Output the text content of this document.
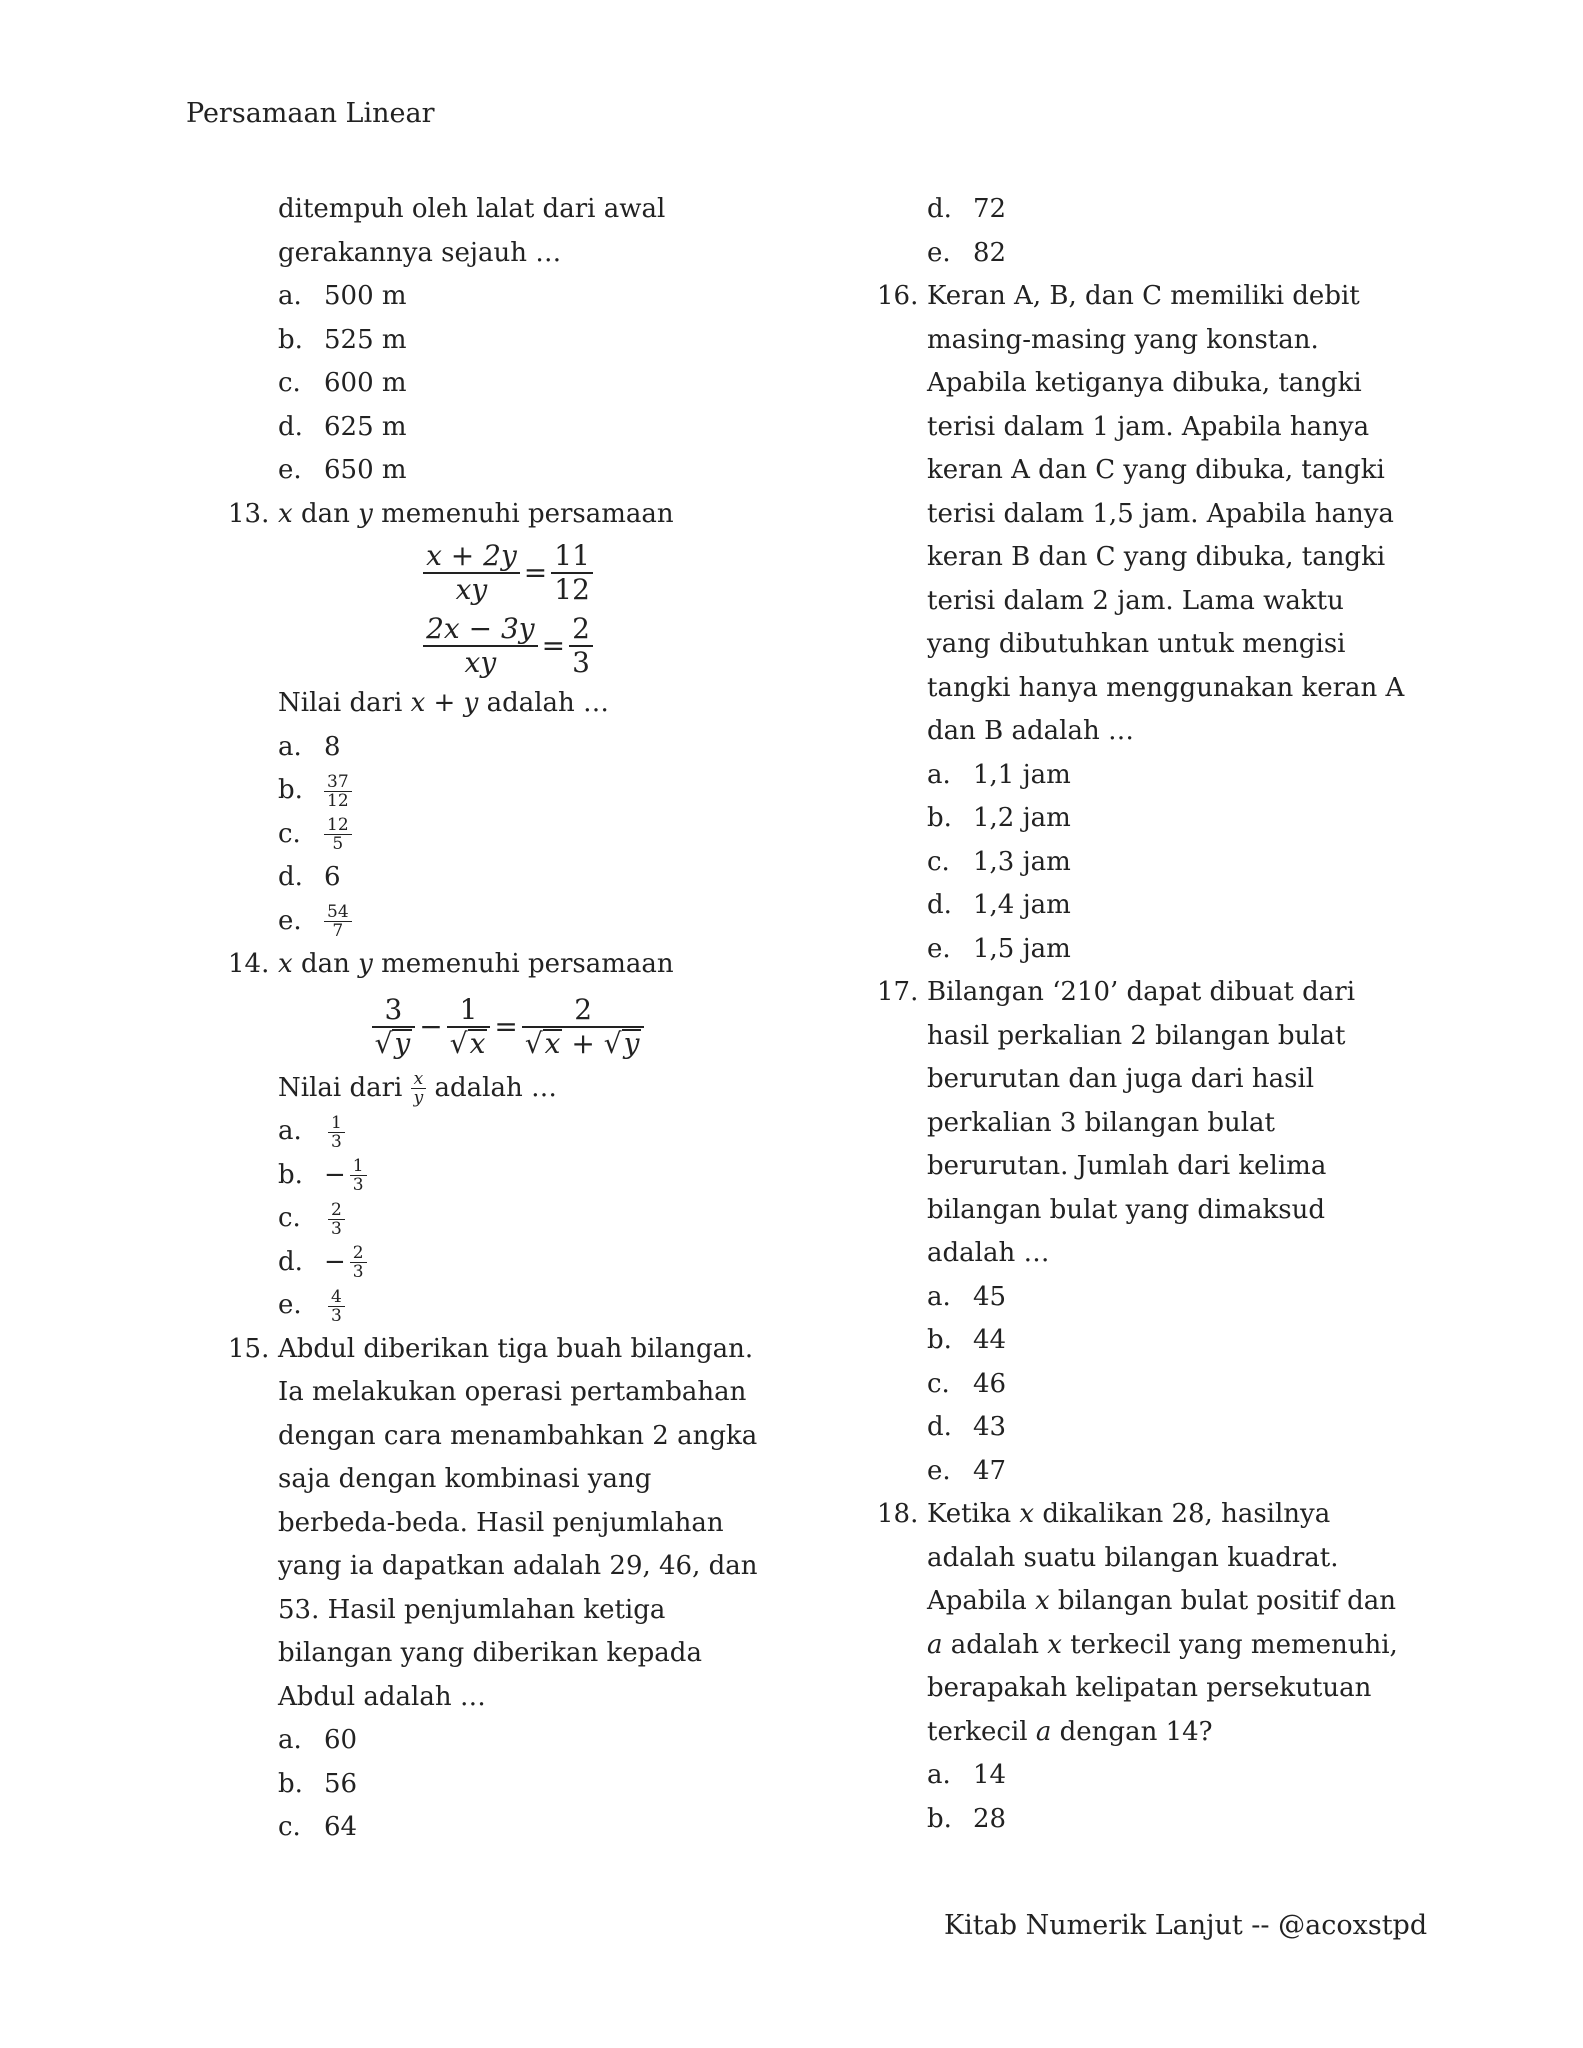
Persamaan Linear
ditempuh oleh lalat dari awal
gerakannya sejauh …
a. 500 m
b. 525 m
c. 600 m
d. 625 m
e. 650 m
13. x dan y memenuhi persamaan
$\frac{x + 2y}{xy} = \frac{11}{12}$
$\frac{2x - 3y}{xy} = \frac{2}{3}$
Nilai dari x + y adalah …
a. 8
b. $\frac{37}{12}$
c. $\frac{12}{5}$
d. 6
e. $\frac{54}{7}$
14. x dan y memenuhi persamaan
$\frac{3}{√y} - \frac{1}{√x} = \frac{2}{√x + √y}$
Nilai dari $\frac{x}{y}$ adalah …
a. $\frac{1}{3}$
b. − $\frac{1}{3}$
c. $\frac{2}{3}$
d. − $\frac{2}{3}$
e. $\frac{4}{3}$
15. Abdul diberikan tiga buah bilangan.
Ia melakukan operasi pertambahan
dengan cara menambahkan 2 angka
saja dengan kombinasi yang
berbeda-beda. Hasil penjumlahan
yang ia dapatkan adalah 29, 46, dan
53. Hasil penjumlahan ketiga
bilangan yang diberikan kepada
Abdul adalah …
a. 60
b. 56
c. 64
d. 72
e. 82
16. Keran A, B, dan C memiliki debit
masing-masing yang konstan.
Apabila ketiganya dibuka, tangki
terisi dalam 1 jam. Apabila hanya
keran A dan C yang dibuka, tangki
terisi dalam 1,5 jam. Apabila hanya
keran B dan C yang dibuka, tangki
terisi dalam 2 jam. Lama waktu
yang dibutuhkan untuk mengisi
tangki hanya menggunakan keran A
dan B adalah …
a. 1,1 jam
b. 1,2 jam
c. 1,3 jam
d. 1,4 jam
e. 1,5 jam
17. Bilangan ‘210’ dapat dibuat dari
hasil perkalian 2 bilangan bulat
berurutan dan juga dari hasil
perkalian 3 bilangan bulat
berurutan. Jumlah dari kelima
bilangan bulat yang dimaksud
adalah …
a. 45
b. 44
c. 46
d. 43
e. 47
18. Ketika x dikalikan 28, hasilnya
adalah suatu bilangan kuadrat.
Apabila x bilangan bulat positif dan
a adalah x terkecil yang memenuhi,
berapakah kelipatan persekutuan
terkecil a dengan 14?
a. 14
b. 28
Kitab Numerik Lanjut -- @acoxstpd
